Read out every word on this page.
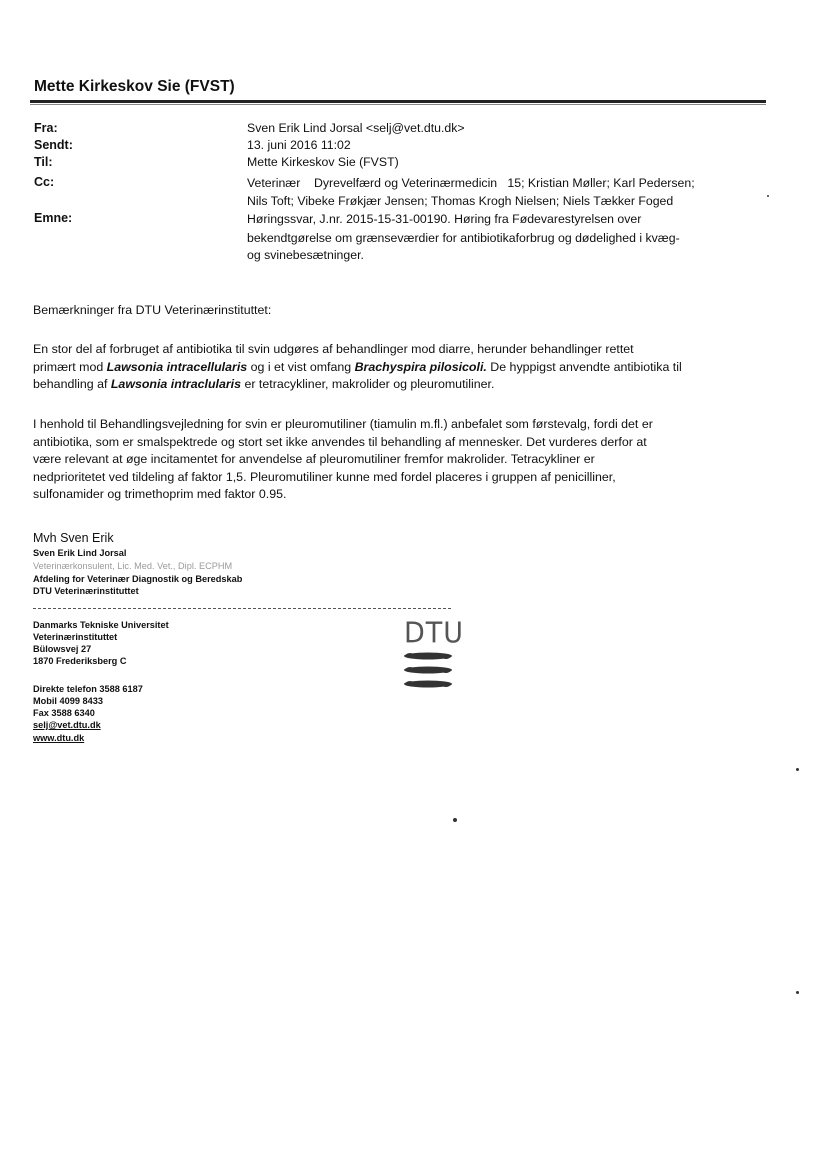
Mette Kirkeskov Sie (FVST)
Fra:	Sven Erik Lind Jorsal <selj@vet.dtu.dk>
Sendt:	13. juni 2016 11:02
Til:	Mette Kirkeskov Sie (FVST)
Cc:	Veterinær    Dyrevelfærd og Veterinærmedicin   15; Kristian Møller; Karl Pedersen;
Nils Toft; Vibeke Frøkjær Jensen; Thomas Krogh Nielsen; Niels Tækker Foged
Emne:	Høringssvar, J.nr. 2015-15-31-00190. Høring fra Fødevarestyrelsen over
bekendtgørelse om grænseværdier for antibiotikaforbrug og dødelighed i kvæg-
og svinebesætninger.
Bemærkninger fra DTU Veterinærinstituttet:
En stor del af forbruget af antibiotika til svin udgøres af behandlinger mod diarre, herunder behandlinger rettet
primært mod Lawsonia intracellularis og i et vist omfang Brachyspira pilosicoli. De hyppigst anvendte antibiotika til
behandling af Lawsonia intraclularis er tetracykliner, makrolider og pleuromutiliner.
I henhold til Behandlingsvejledning for svin er pleuromutiliner (tiamulin m.fl.) anbefalet som førstevalg, fordi det er
antibiotika, som er smalspektrede og stort set ikke anvendes til behandling af mennesker. Det vurderes derfor at
være relevant at øge incitamentet for anvendelse af pleuromutiliner fremfor makrolider. Tetracykliner er
nedprioritetet ved tildeling af faktor 1,5. Pleuromutiliner kunne med fordel placeres i gruppen af penicilliner,
sulfonamider og trimethoprim med faktor 0.95.
Mvh Sven Erik
Sven Erik Lind Jorsal
Veterinærkonsulent, Lic. Med. Vet., Dipl. ECPHM
Afdeling for Veterinær Diagnostik og Beredskab
DTU Veterinærinstituttet
Danmarks Tekniske Universitet
Veterinærinstituttet
Bülowsvej 27
1870 Frederiksberg C
Direkte telefon 3588 6187
Mobil 4099 8433
Fax 3588 6340
selj@vet.dtu.dk
www.dtu.dk
DTU
